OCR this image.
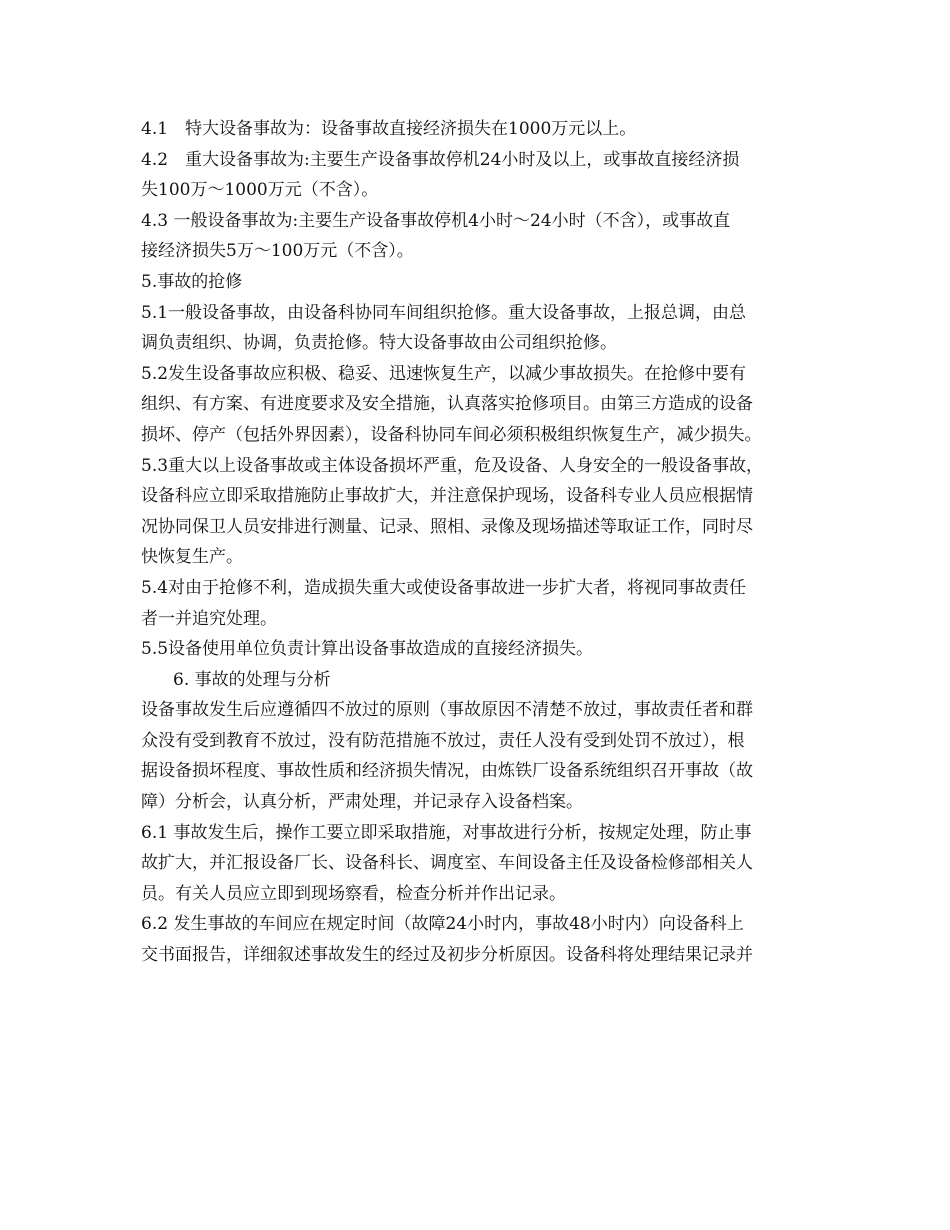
4.1　特大设备事故为：设备事故直接经济损失在1000万元以上。
4.2　重大设备事故为:主要生产设备事故停机24小时及以上，或事故直接经济损
失100万～1000万元（不含）。
4.3 一般设备事故为:主要生产设备事故停机4小时～24小时（不含），或事故直
接经济损失5万～100万元（不含）。
5.事故的抢修
5.1一般设备事故，由设备科协同车间组织抢修。重大设备事故，上报总调，由总
调负责组织、协调，负责抢修。特大设备事故由公司组织抢修。
5.2发生设备事故应积极、稳妥、迅速恢复生产，以减少事故损失。在抢修中要有
组织、有方案、有进度要求及安全措施，认真落实抢修项目。由第三方造成的设备
损坏、停产（包括外界因素），设备科协同车间必须积极组织恢复生产，减少损失。
5.3重大以上设备事故或主体设备损坏严重，危及设备、人身安全的一般设备事故，
设备科应立即采取措施防止事故扩大，并注意保护现场，设备科专业人员应根据情
况协同保卫人员安排进行测量、记录、照相、录像及现场描述等取证工作，同时尽
快恢复生产。
5.4对由于抢修不利，造成损失重大或使设备事故进一步扩大者，将视同事故责任
者一并追究处理。
5.5设备使用单位负责计算出设备事故造成的直接经济损失。
6. 事故的处理与分析
设备事故发生后应遵循四不放过的原则（事故原因不清楚不放过，事故责任者和群
众没有受到教育不放过，没有防范措施不放过，责任人没有受到处罚不放过），根
据设备损坏程度、事故性质和经济损失情况，由炼铁厂设备系统组织召开事故（故
障）分析会，认真分析，严肃处理，并记录存入设备档案。
6.1 事故发生后，操作工要立即采取措施，对事故进行分析，按规定处理，防止事
故扩大，并汇报设备厂长、设备科长、调度室、车间设备主任及设备检修部相关人
员。有关人员应立即到现场察看，检查分析并作出记录。
6.2 发生事故的车间应在规定时间（故障24小时内，事故48小时内）向设备科上
交书面报告，详细叙述事故发生的经过及初步分析原因。设备科将处理结果记录并
